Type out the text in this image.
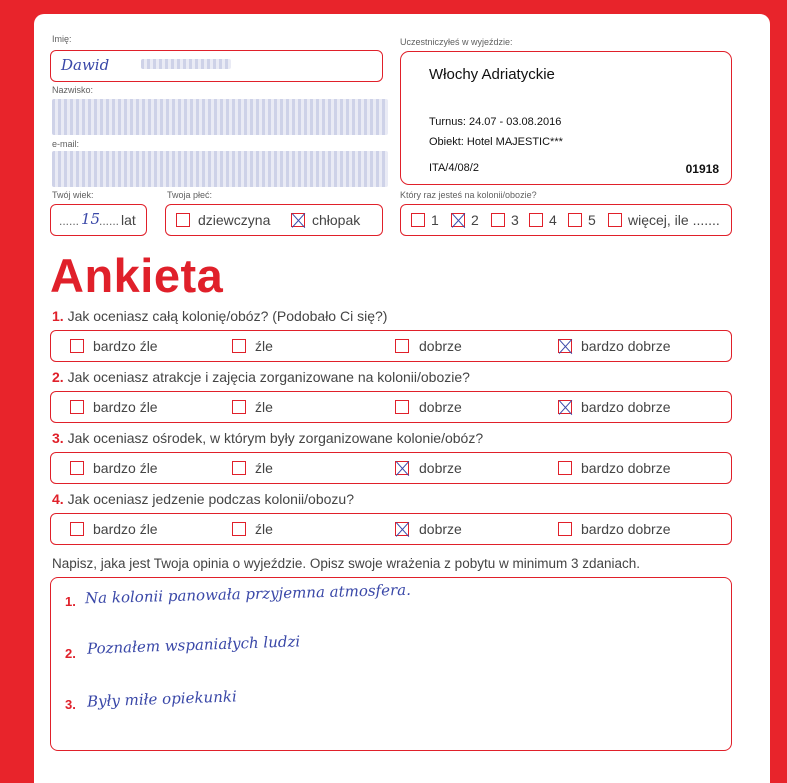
Imię:
Dawid
Nazwisko:
e-mail:
Uczestniczyłeś w wyjeździe:
Włochy Adriatyckie
Turnus: 24.07 - 03.08.2016
Obiekt: Hotel MAJESTIC***
ITA/4/08/2	01918
Twój wiek:
...... 15
...... lat
Twoja płeć:
dziewczyna	chłopak
Który raz jesteś na kolonii/obozie?
1 2 3 4 5 więcej, ile .......
Ankieta
1. Jak oceniasz całą kolonię/obóz? (Podobało Ci się?)
bardzo źle	źle	dobrze	bardzo dobrze
2. Jak oceniasz atrakcje i zajęcia zorganizowane na kolonii/obozie?
bardzo źle	źle	dobrze	bardzo dobrze
3. Jak oceniasz ośrodek, w którym były zorganizowane kolonie/obóz?
bardzo źle	źle	dobrze	bardzo dobrze
4. Jak oceniasz jedzenie podczas kolonii/obozu?
bardzo źle	źle	dobrze	bardzo dobrze
Napisz, jaka jest Twoja opinia o wyjeździe. Opisz swoje wrażenia z pobytu w minimum 3 zdaniach.
1. Na kolonii panowała przyjemna atmosfera.
2. Poznałem wspaniałych ludzi
3. Były miłe opiekunki
